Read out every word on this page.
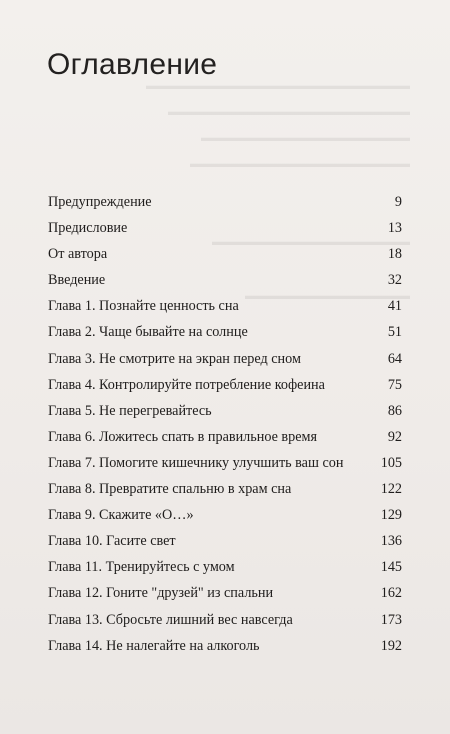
▬▬▬▬▬▬▬▬▬▬▬▬▬▬▬▬▬▬▬▬▬▬▬▬
▬▬▬▬▬▬▬▬▬▬▬▬▬▬▬▬▬▬▬▬▬▬
▬▬▬▬▬▬▬▬▬▬▬▬▬▬▬▬▬▬▬
▬▬▬▬▬▬▬▬▬▬▬▬▬▬▬▬▬▬▬▬
▬▬▬▬▬▬▬▬▬▬▬▬▬▬▬▬▬▬
▬▬▬▬▬▬▬▬▬▬▬▬▬▬▬
Оглавление
Предупреждение	9
Предисловие	13
От автора	18
Введение	32
Глава 1. Познайте ценность сна	41
Глава 2. Чаще бывайте на солнце	51
Глава 3. Не смотрите на экран перед сном	64
Глава 4. Контролируйте потребление кофеина	75
Глава 5. Не перегревайтесь	86
Глава 6. Ложитесь спать в правильное время	92
Глава 7. Помогите кишечнику улучшить ваш сон	105
Глава 8. Превратите спальню в храм сна	122
Глава 9. Скажите «О…»	129
Глава 10. Гасите свет	136
Глава 11. Тренируйтесь с умом	145
Глава 12. Гоните "друзей" из спальни	162
Глава 13. Сбросьте лишний вес навсегда	173
Глава 14. Не налегайте на алкоголь	192
